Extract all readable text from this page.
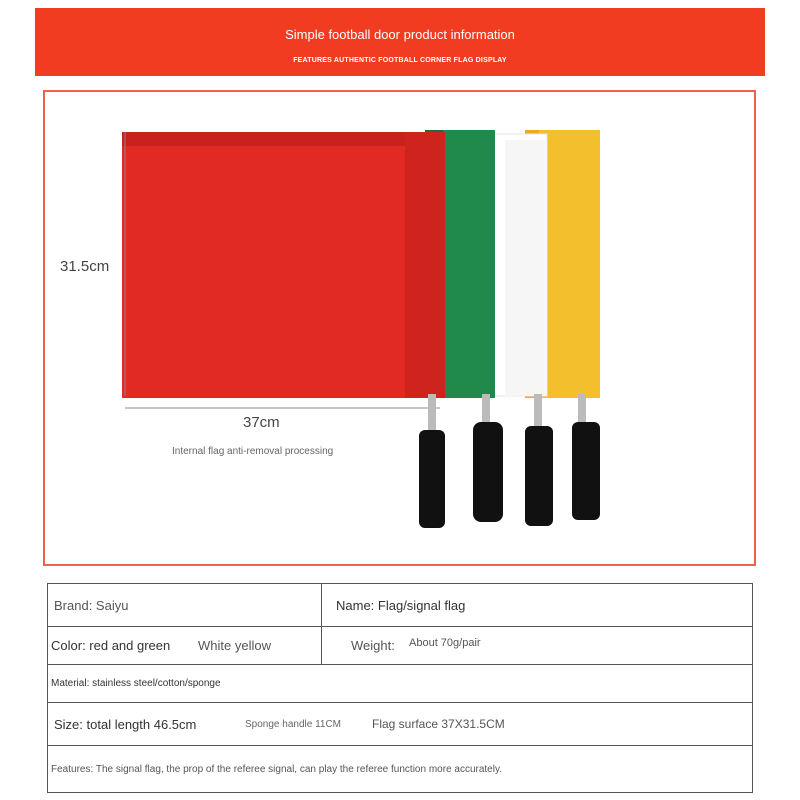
Simple football door product information
FEATURES AUTHENTIC FOOTBALL CORNER FLAG DISPLAY
31.5cm
37cm
Internal flag anti-removal processing
Brand: Saiyu	Name: Flag/signal flag
Color: red and green	White yellow	Weight:	About 70g/pair
Material: stainless steel/cotton/sponge
Size: total length 46.5cm	Sponge handle 11CM	Flag surface 37X31.5CM
Features: The signal flag, the prop of the referee signal, can play the referee function more accurately.
